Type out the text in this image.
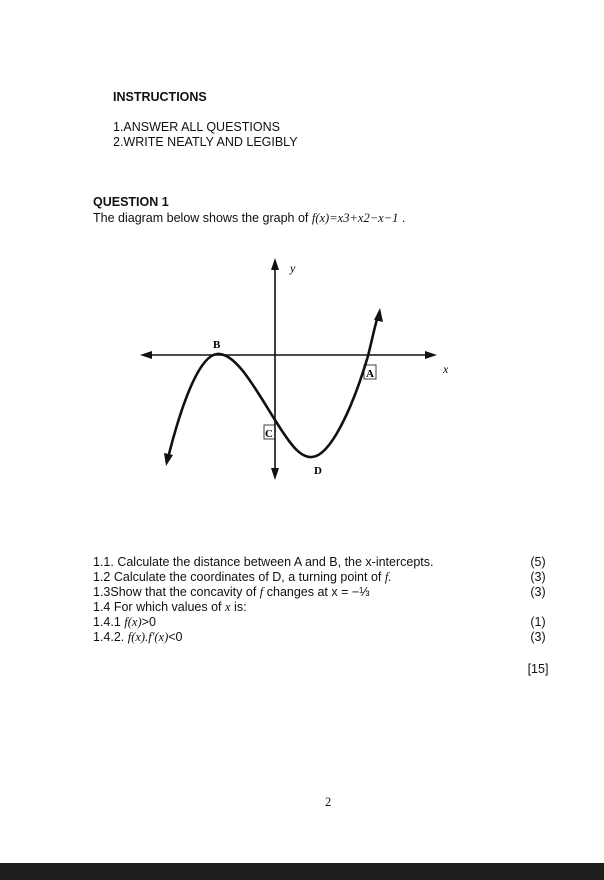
INSTRUCTIONS
1.ANSWER ALL QUESTIONS
2.WRITE NEATLY AND LEGIBLY
QUESTION 1
The diagram below shows the graph of f(x)=x3+x2−x−1 .
y
x
B
A
C
D
1.1. Calculate the distance between A and B, the x-intercepts.
1.2 Calculate the coordinates of D, a turning point of f.
1.3Show that the concavity of f changes at x = −⅓
1.4 For which values of x is:
1.4.1 f(x)>0
1.4.2. f(x).f'(x)<0
(5)
(3)
(3)
(1)
(3)
[15]
2
